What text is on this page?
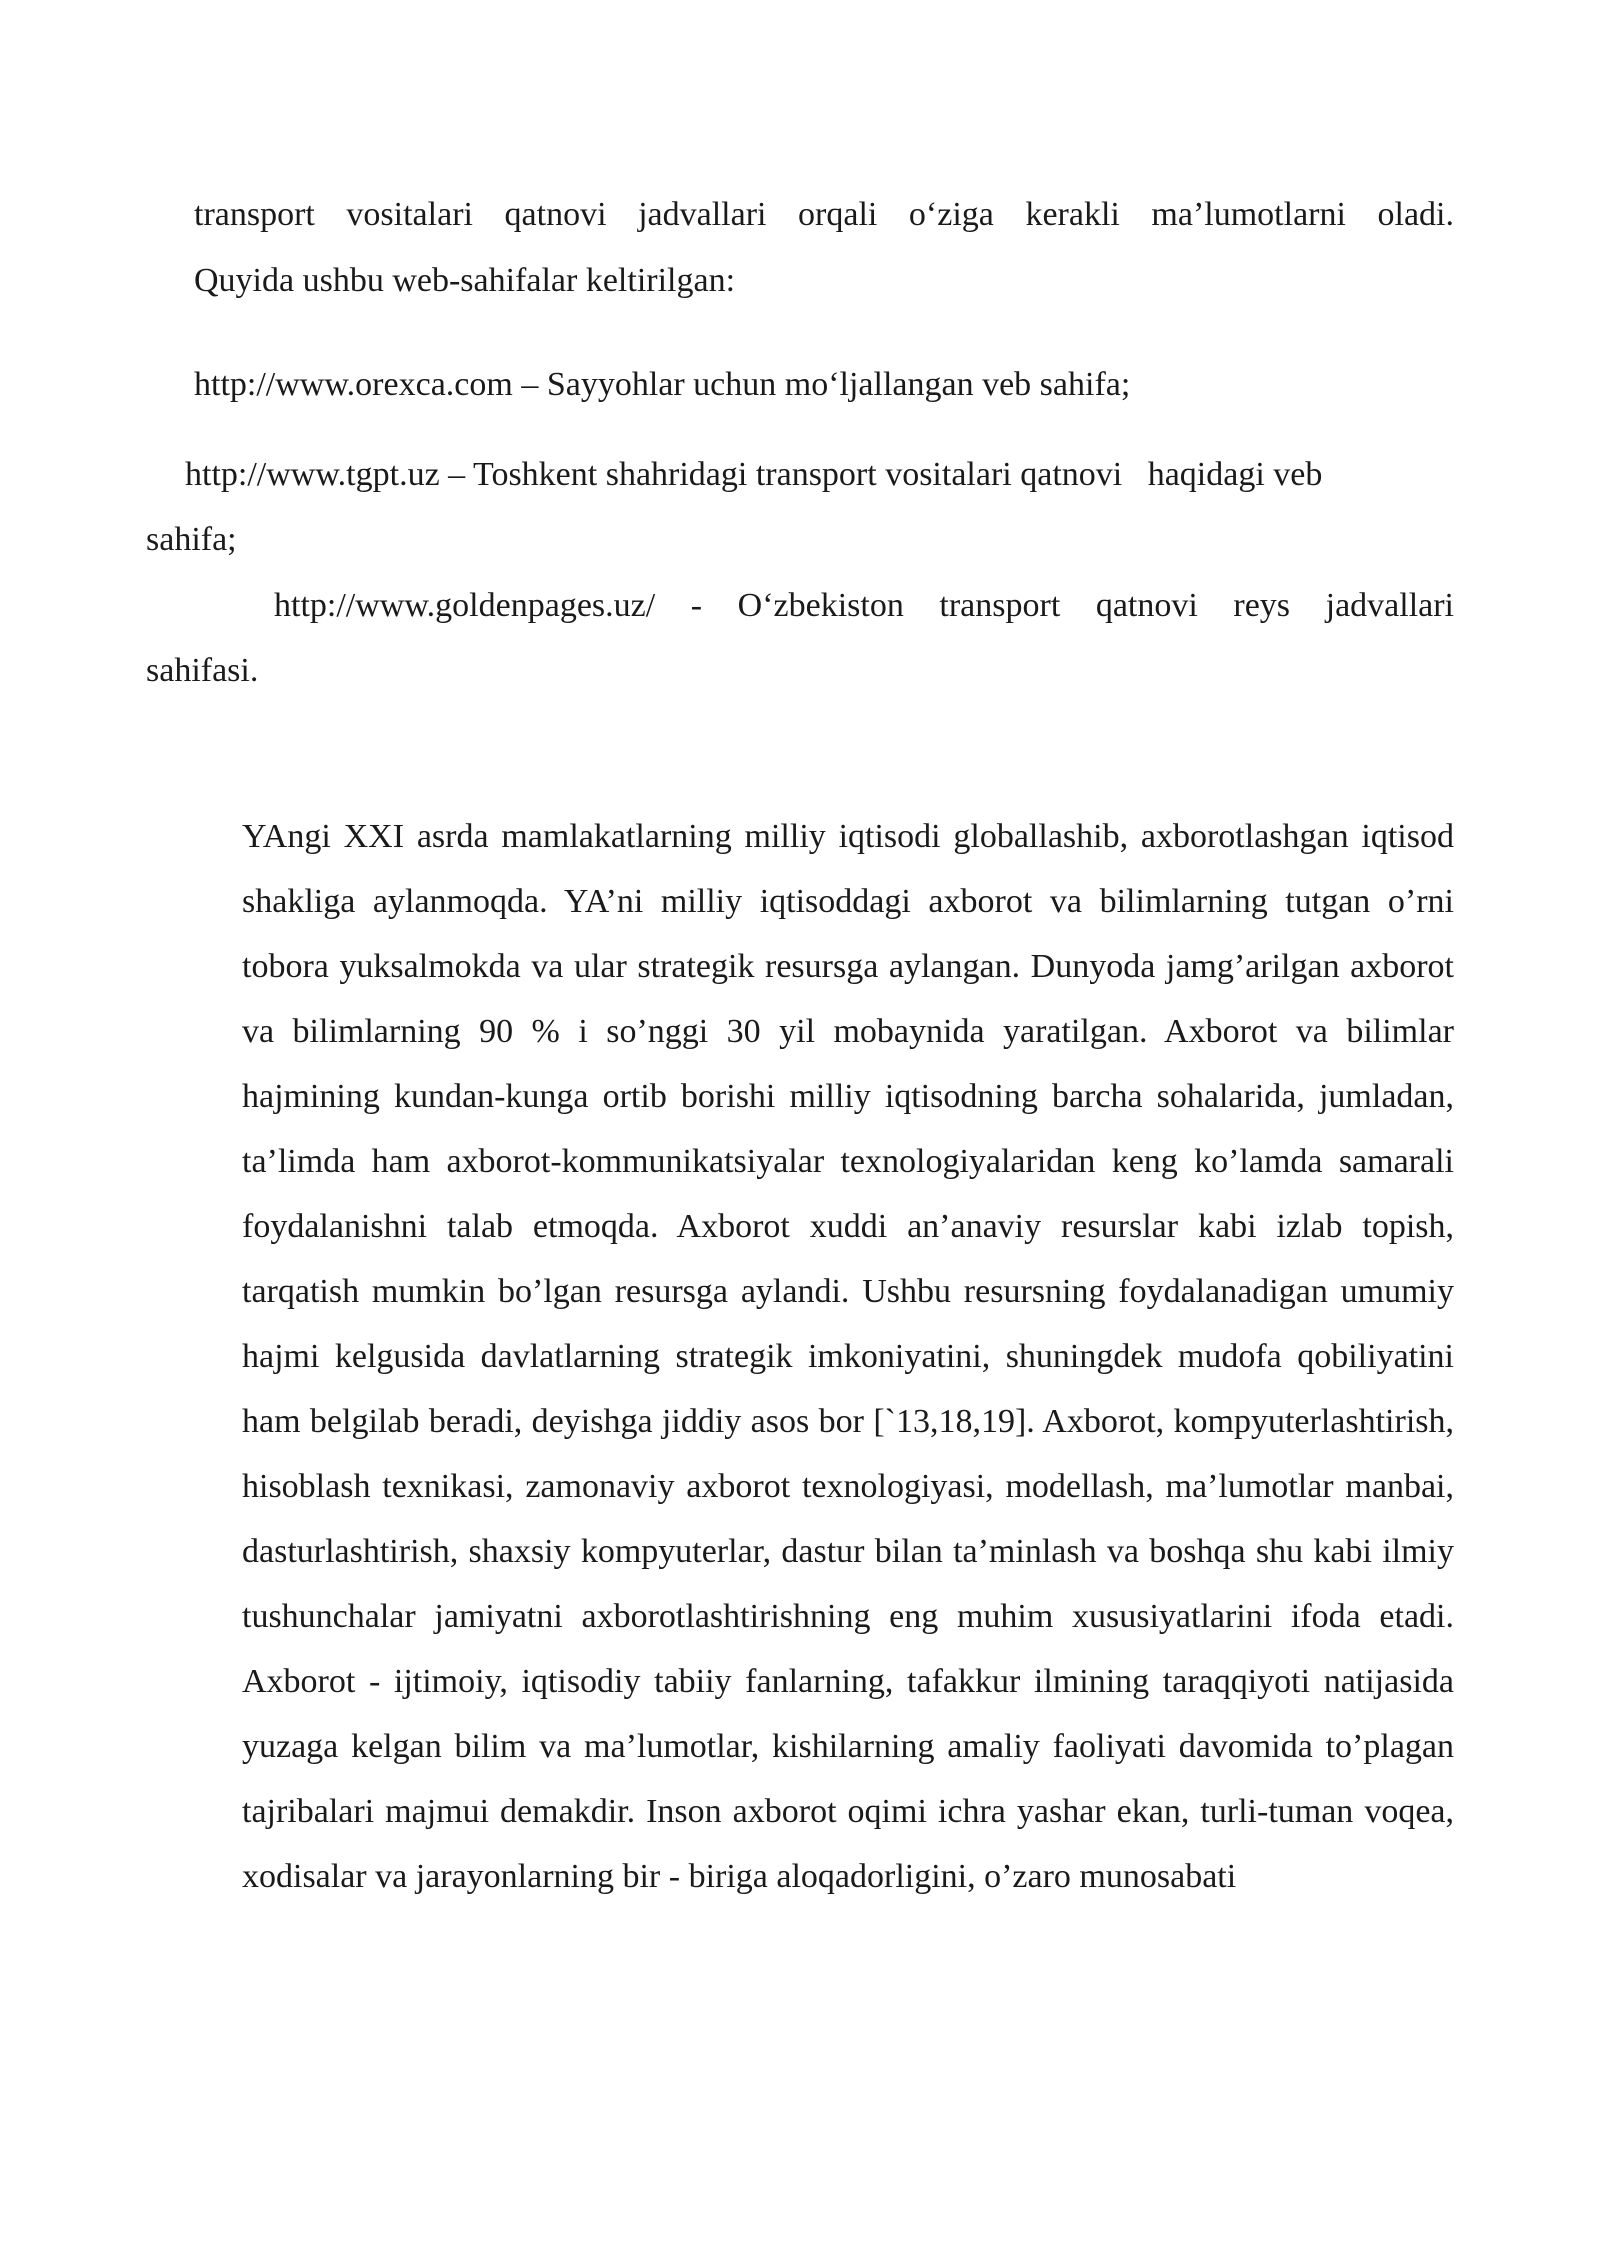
transport vositalari qatnovi jadvallari orqali o‘ziga kerakli ma’lumotlarni oladi.

Quyida ushbu web-sahifalar keltirilgan:

http://www.orexca.com – Sayyohlar uchun mo‘ljallangan veb sahifa;

http://www.tgpt.uz – Toshkent shahridagi transport vositalari qatnovi   haqidagi veb

sahifa;

http://www.goldenpages.uz/ - O‘zbekiston transport qatnovi reys jadvallari

sahifasi.

YAngi XXI asrda mamlakatlarning milliy iqtisodi globallashib, axborotlashgan iqtisod shakliga aylanmoqda. YA’ni milliy iqtisoddagi axborot va bilimlarning tutgan o’rni tobora yuksalmokda va ular strategik resursga aylangan. Dunyoda jamg’arilgan axborot va bilimlarning 90 % i so’nggi 30 yil mobaynida yaratilgan. Axborot va bilimlar hajmining kundan-kunga ortib borishi milliy iqtisodning barcha sohalarida, jumladan, ta’limda ham axborot-kommunikatsiyalar texnologiyalaridan keng ko’lamda samarali foydalanishni talab etmoqda. Axborot xuddi an’anaviy resurslar kabi izlab topish, tarqatish mumkin bo’lgan resursga aylandi. Ushbu resursning foydalanadigan umumiy hajmi kelgusida davlatlarning strategik imkoniyatini, shuningdek mudofa qobiliyatini ham belgilab beradi, deyishga jiddiy asos bor [`13,18,19]. Axborot, kompyuterlashtirish, hisoblash texnikasi, zamonaviy axborot texnologiyasi, modellash, ma’lumotlar manbai, dasturlashtirish, shaxsiy kompyuterlar, dastur bilan ta’minlash va boshqa shu kabi ilmiy tushunchalar jamiyatni axborotlashtirishning eng muhim xususiyatlarini ifoda etadi. Axborot - ijtimoiy, iqtisodiy tabiiy fanlarning, tafakkur ilmining taraqqiyoti natijasida yuzaga kelgan bilim va ma’lumotlar, kishilarning amaliy faoliyati davomida to’plagan tajribalari majmui demakdir. Inson axborot oqimi ichra yashar ekan, turli-tuman voqea, xodisalar va jarayonlarning bir - biriga aloqadorligini, o’zaro munosabati
